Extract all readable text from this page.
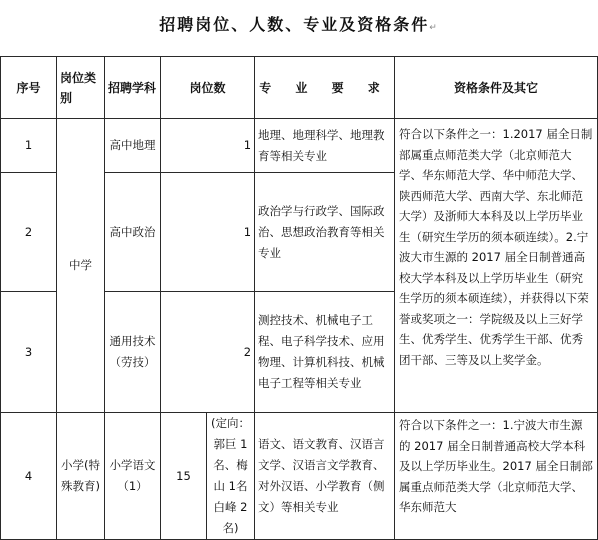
招聘岗位、人数、专业及资格条件↵
序号	岗位类别	招聘学科	岗位数		专 业 要 求	资格条件及其它
1	中学	高中地理	1		地理、地理科学、地理教育等相关专业	符合以下条件之一：1.2017 届全日制部属重点师范类大学（北京师范大学、华东师范大学、华中师范大学、陕西师范大学、西南大学、东北师范大学）及浙师大本科及以上学历毕业生（研究生学历的须本硕连续）。2.宁波大市生源的 2017 届全日制普通高校大学本科及以上学历毕业生（研究生学历的须本硕连续），并获得以下荣誉或奖项之一：学院级及以上三好学生、优秀学生、优秀学生干部、优秀团干部、三等及以上奖学金。
2		高中政治	1		政治学与行政学、国际政治、思想政治教育等相关专业	
3		通用技术（劳技）	2		测控技术、机械电子工程、电子科学技术、应用物理、计算机科技、机械电子工程等相关专业	
4	小学(特殊教育)	小学语文（1）	15	(定向：郭巨 1名、梅山 1名 白峰 2名)	语文、语文教育、汉语言文学、汉语言文学教育、对外汉语、小学教育（侧文）等相关专业	符合以下条件之一：1.宁波大市生源的 2017 届全日制普通高校大学本科及以上学历毕业生。2017 届全日制部属重点师范类大学（北京师范大学、华东师范大
